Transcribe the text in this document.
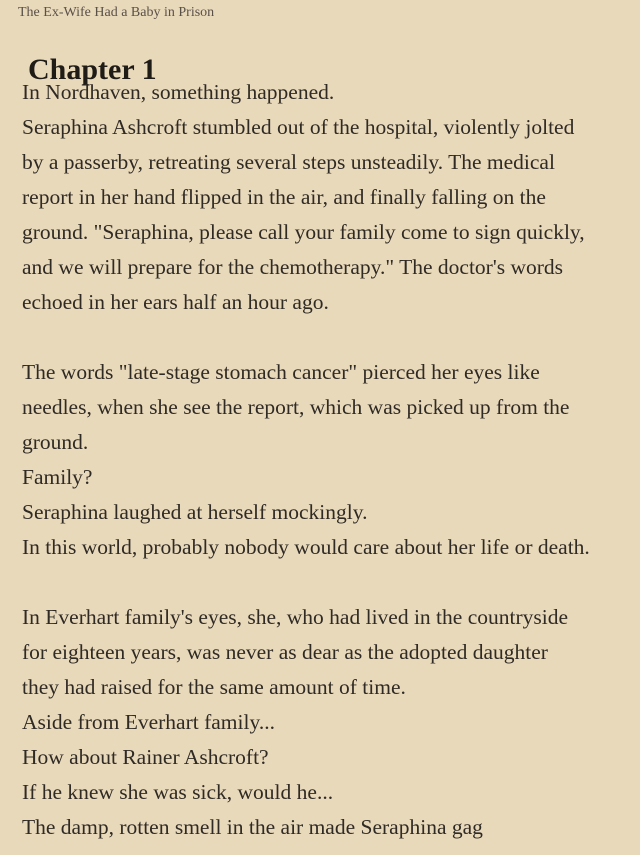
The Ex-Wife Had a Baby in Prison
Chapter 1
In Nordhaven, something happened.
Seraphina Ashcroft stumbled out of the hospital, violently jolted
by a passerby, retreating several steps unsteadily. The medical
report in her hand flipped in the air, and finally falling on the
ground. "Seraphina, please call your family come to sign quickly,
and we will prepare for the chemotherapy." The doctor's words
echoed in her ears half an hour ago.
The words "late-stage stomach cancer" pierced her eyes like
needles, when she see the report, which was picked up from the
ground.
Family?
Seraphina laughed at herself mockingly.
In this world, probably nobody would care about her life or death.
In Everhart family's eyes, she, who had lived in the countryside
for eighteen years, was never as dear as the adopted daughter
they had raised for the same amount of time.
Aside from Everhart family...
How about Rainer Ashcroft?
If he knew she was sick, would he...
The damp, rotten smell in the air made Seraphina gag
